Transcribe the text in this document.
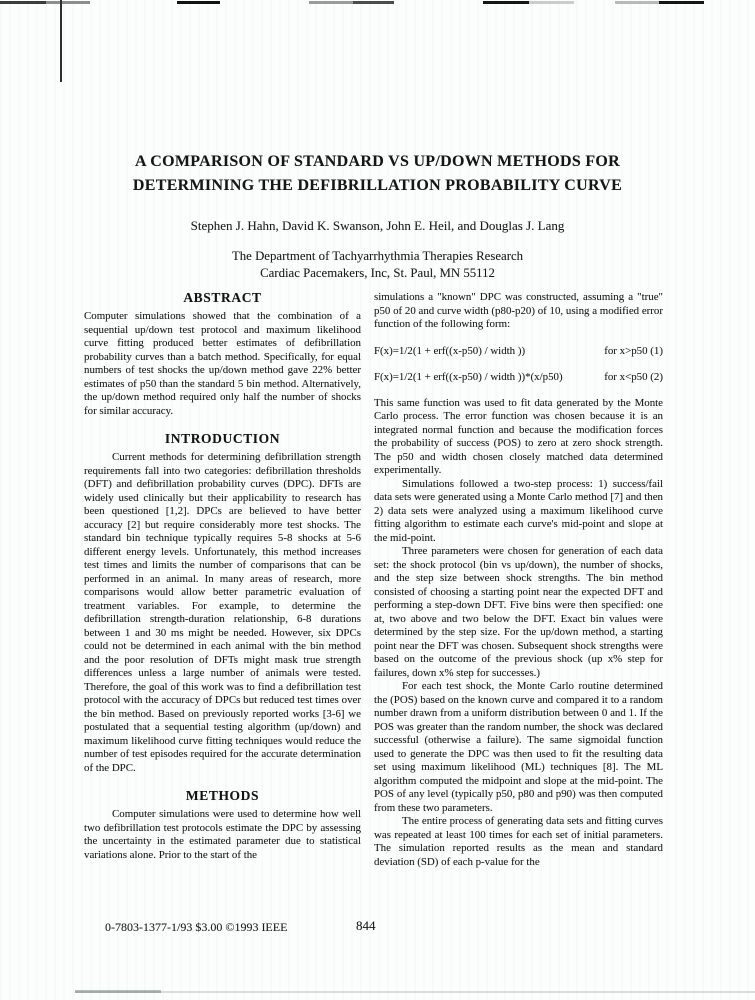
A COMPARISON OF STANDARD VS UP/DOWN METHODS FOR
DETERMINING THE DEFIBRILLATION PROBABILITY CURVE
Stephen J. Hahn, David K. Swanson, John E. Heil, and Douglas J. Lang
The Department of Tachyarrhythmia Therapies Research
Cardiac Pacemakers, Inc, St. Paul, MN 55112
ABSTRACT

Computer simulations showed that the combination of a sequential up/down test protocol and maximum likelihood curve fitting produced better estimates of defibrillation probability curves than a batch method. Specifically, for equal numbers of test shocks the up/down method gave 22% better estimates of p50 than the standard 5 bin method. Alternatively, the up/down method required only half the number of shocks for similar accuracy.

INTRODUCTION

Current methods for determining defibrillation strength requirements fall into two categories: defibrillation thresholds (DFT) and defibrillation probability curves (DPC). DFTs are widely used clinically but their applicability to research has been questioned [1,2]. DPCs are believed to have better accuracy [2] but require considerably more test shocks. The standard bin technique typically requires 5-8 shocks at 5-6 different energy levels. Unfortunately, this method increases test times and limits the number of comparisons that can be performed in an animal. In many areas of research, more comparisons would allow better parametric evaluation of treatment variables. For example, to determine the defibrillation strength-duration relationship, 6-8 durations between 1 and 30 ms might be needed. However, six DPCs could not be determined in each animal with the bin method and the poor resolution of DFTs might mask true strength differences unless a large number of animals were tested. Therefore, the goal of this work was to find a defibrillation test protocol with the accuracy of DPCs but reduced test times over the bin method. Based on previously reported works [3-6] we postulated that a sequential testing algorithm (up/down) and maximum likelihood curve fitting techniques would reduce the number of test episodes required for the accurate determination of the DPC.

METHODS

Computer simulations were used to determine how well two defibrillation test protocols estimate the DPC by assessing the uncertainty in the estimated parameter due to statistical variations alone. Prior to the start of the

simulations a "known" DPC was constructed, assuming a "true" p50 of 20 and curve width (p80-p20) of 10, using a modified error function of the following form:

F(x)=1/2(1 + erf((x-p50) / width ))	for x>p50 (1)
F(x)=1/2(1 + erf((x-p50) / width ))*(x/p50)	for x<p50 (2)

This same function was used to fit data generated by the Monte Carlo process. The error function was chosen because it is an integrated normal function and because the modification forces the probability of success (POS) to zero at zero shock strength. The p50 and width chosen closely matched data determined experimentally.

Simulations followed a two-step process: 1) success/fail data sets were generated using a Monte Carlo method [7] and then 2) data sets were analyzed using a maximum likelihood curve fitting algorithm to estimate each curve's mid-point and slope at the mid-point.

Three parameters were chosen for generation of each data set: the shock protocol (bin vs up/down), the number of shocks, and the step size between shock strengths. The bin method consisted of choosing a starting point near the expected DFT and performing a step-down DFT. Five bins were then specified: one at, two above and two below the DFT. Exact bin values were determined by the step size. For the up/down method, a starting point near the DFT was chosen. Subsequent shock strengths were based on the outcome of the previous shock (up x% step for failures, down x% step for successes.)

For each test shock, the Monte Carlo routine determined the (POS) based on the known curve and compared it to a random number drawn from a uniform distribution between 0 and 1. If the POS was greater than the random number, the shock was declared successful (otherwise a failure). The same sigmoidal function used to generate the DPC was then used to fit the resulting data set using maximum likelihood (ML) techniques [8]. The ML algorithm computed the midpoint and slope at the mid-point. The POS of any level (typically p50, p80 and p90) was then computed from these two parameters.

The entire process of generating data sets and fitting curves was repeated at least 100 times for each set of initial parameters. The simulation reported results as the mean and standard deviation (SD) of each p-value for the

0-7803-1377-1/93 $3.00 ©1993 IEEE	844
